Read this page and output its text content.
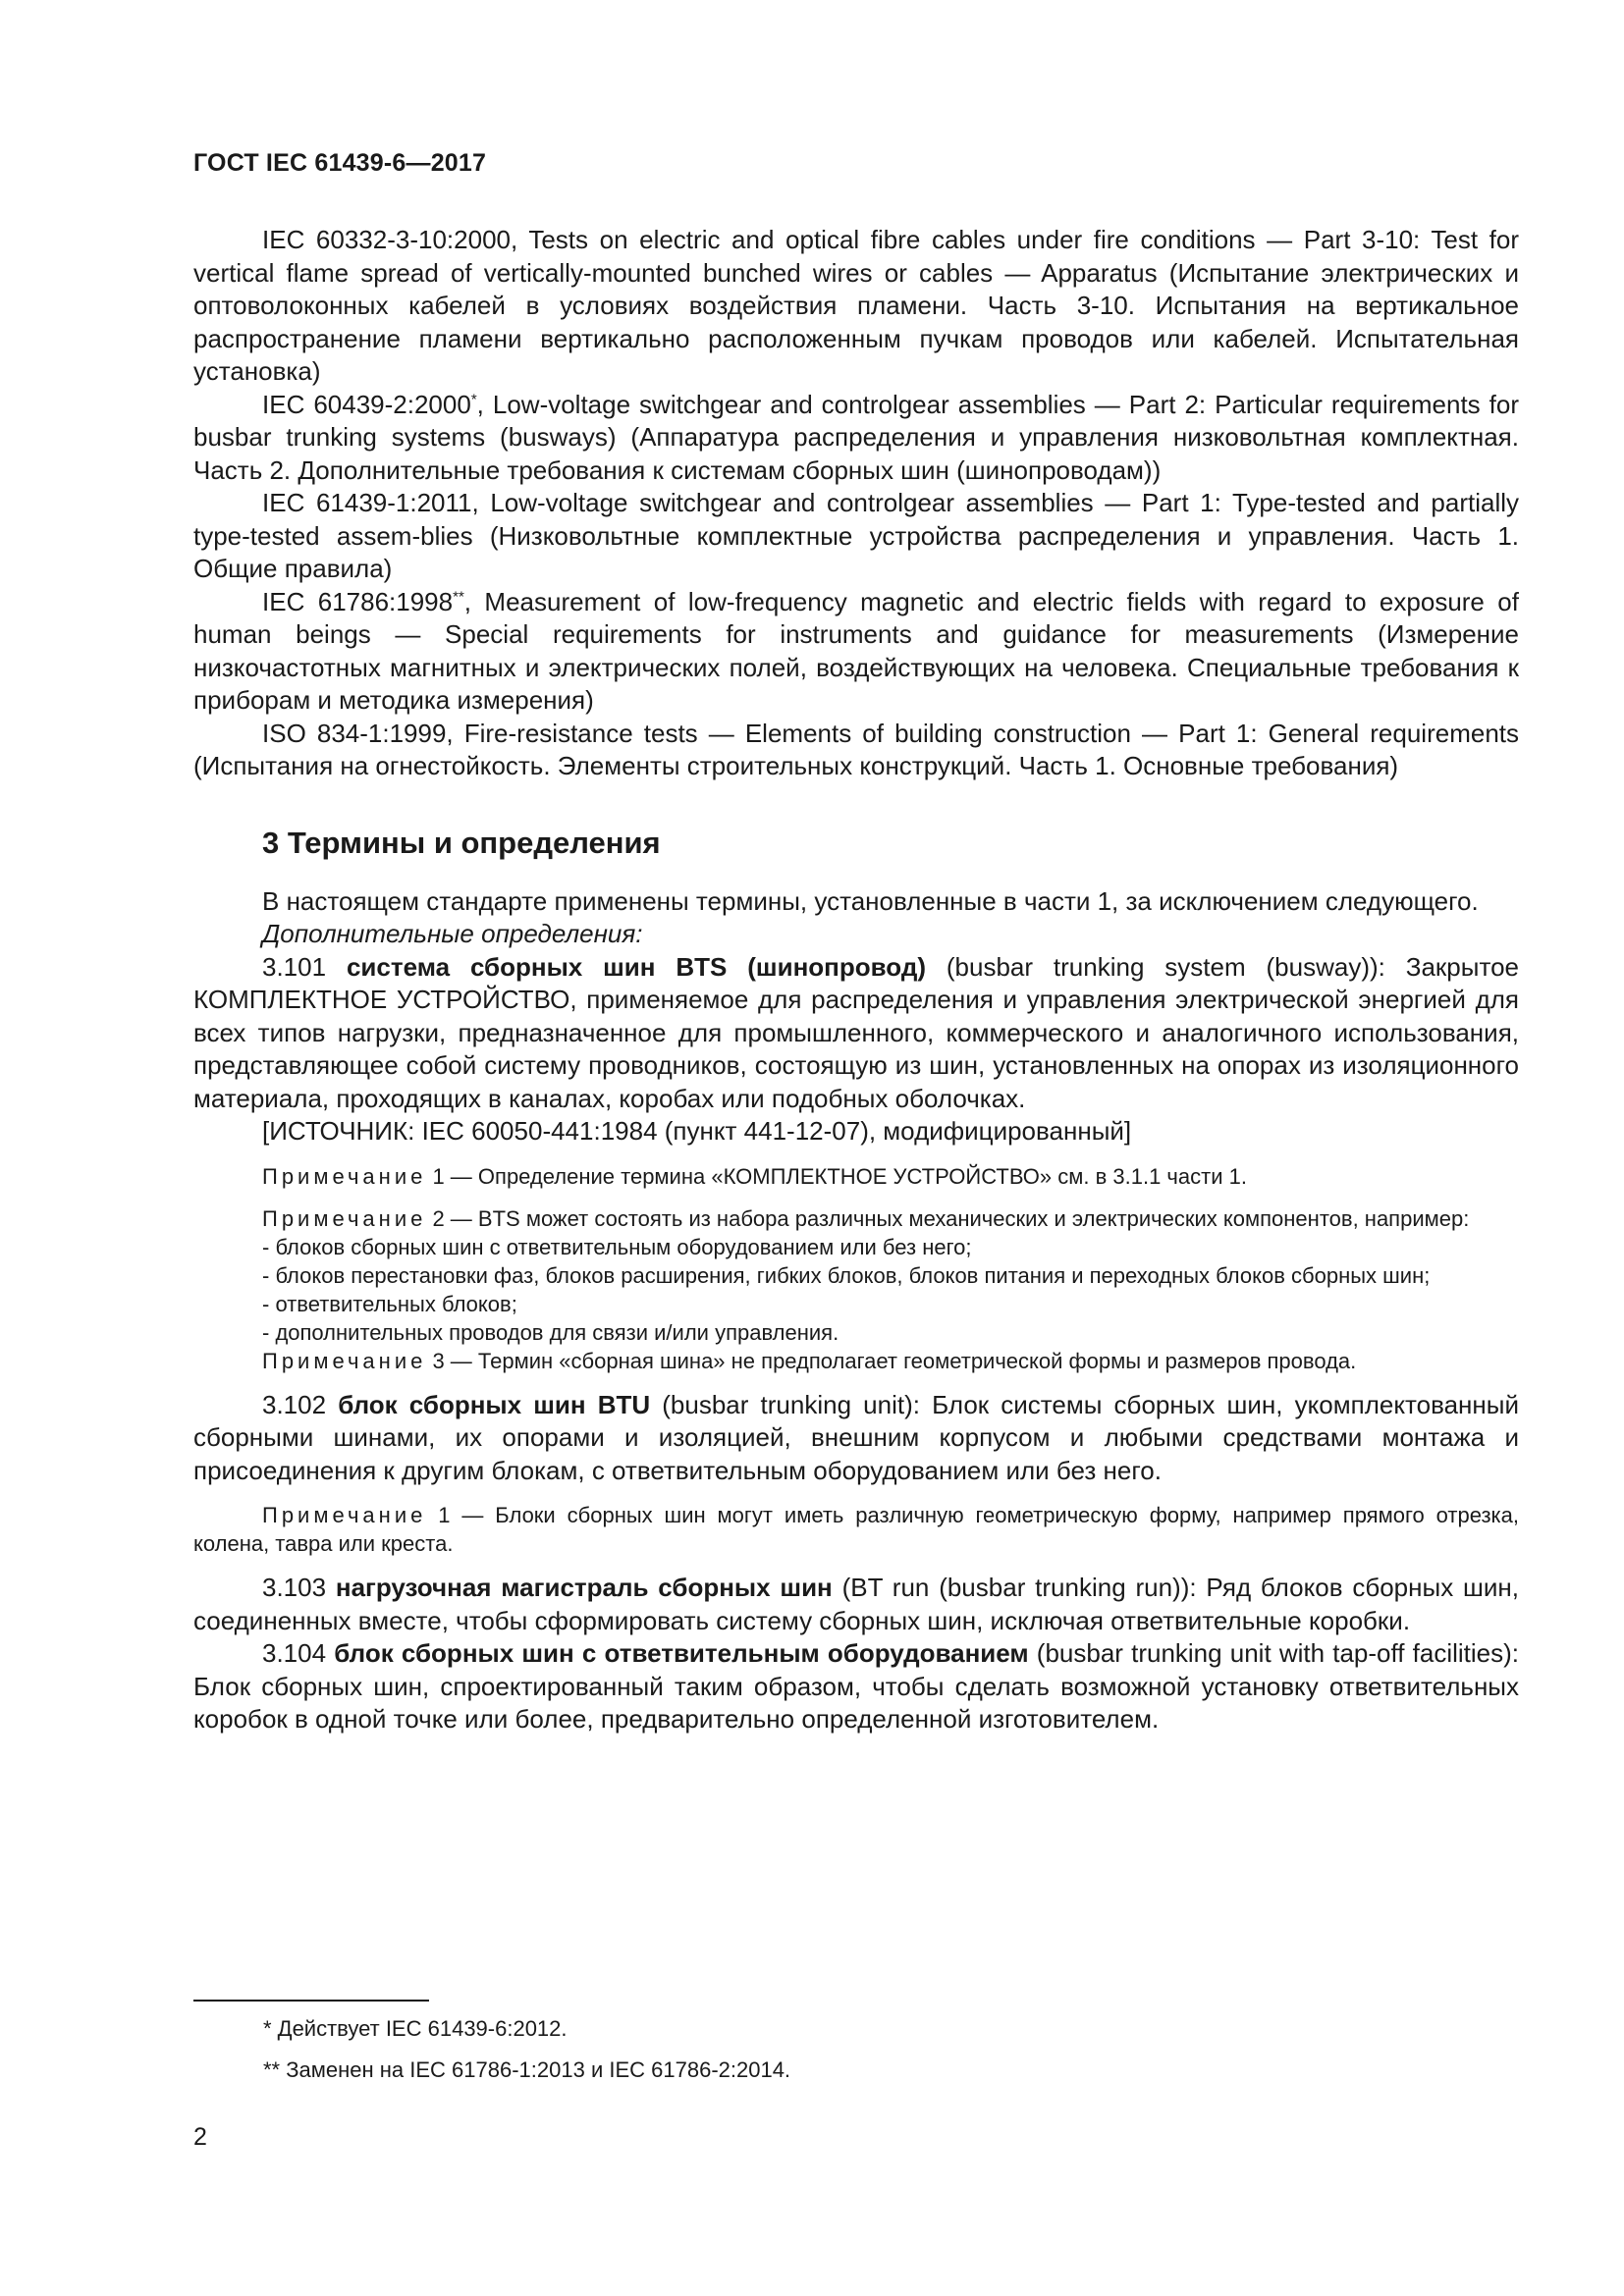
ГОСТ IEC 61439-6—2017

IEC 60332-3-10:2000, Tests on electric and optical fibre cables under fire conditions — Part 3-10: Test for vertical flame spread of vertically-mounted bunched wires or cables — Apparatus (Испытание электрических и оптоволоконных кабелей в условиях воздействия пламени. Часть 3-10. Испытания на вертикальное распространение пламени вертикально расположенным пучкам проводов или кабелей. Испытательная установка)

IEC 60439-2:2000*, Low-voltage switchgear and controlgear assemblies — Part 2: Particular requirements for busbar trunking systems (busways) (Аппаратура распределения и управления низковольтная комплектная. Часть 2. Дополнительные требования к системам сборных шин (шинопроводам))

IEC 61439-1:2011, Low-voltage switchgear and controlgear assemblies — Part 1: Type-tested and partially type-tested assem-blies (Низковольтные комплектные устройства распределения и управления. Часть 1. Общие правила)

IEC 61786:1998**, Measurement of low-frequency magnetic and electric fields with regard to exposure of human beings — Special requirements for instruments and guidance for measurements (Измерение низкочастотных магнитных и электрических полей, воздействующих на человека. Специальные требования к приборам и методика измерения)

ISO 834-1:1999, Fire-resistance tests — Elements of building construction — Part 1: General requirements (Испытания на огнестойкость. Элементы строительных конструкций. Часть 1. Основные требования)

3 Термины и определения

В настоящем стандарте применены термины, установленные в части 1, за исключением следующего.

Дополнительные определения:

3.101 система сборных шин BTS (шинопровод) (busbar trunking system (busway)): Закрытое КОМПЛЕКТНОЕ УСТРОЙСТВО, применяемое для распределения и управления электрической энергией для всех типов нагрузки, предназначенное для промышленного, коммерческого и аналогичного использования, представляющее собой систему проводников, состоящую из шин, установленных на опорах из изоляционного материала, проходящих в каналах, коробах или подобных оболочках.

[ИСТОЧНИК: IEC 60050-441:1984 (пункт 441-12-07), модифицированный]

Примечание 1 — Определение термина «КОМПЛЕКТНОЕ УСТРОЙСТВО» см. в 3.1.1 части 1.

Примечание 2 — BTS может состоять из набора различных механических и электрических компонентов, например:

- блоков сборных шин с ответвительным оборудованием или без него;

- блоков перестановки фаз, блоков расширения, гибких блоков, блоков питания и переходных блоков сборных шин;

- ответвительных блоков;

- дополнительных проводов для связи и/или управления.

Примечание 3 — Термин «сборная шина» не предполагает геометрической формы и размеров провода.

3.102 блок сборных шин BTU (busbar trunking unit): Блок системы сборных шин, укомплектованный сборными шинами, их опорами и изоляцией, внешним корпусом и любыми средствами монтажа и присоединения к другим блокам, с ответвительным оборудованием или без него.

Примечание 1 — Блоки сборных шин могут иметь различную геометрическую форму, например прямого отрезка, колена, тавра или креста.

3.103 нагрузочная магистраль сборных шин (BT run (busbar trunking run)): Ряд блоков сборных шин, соединенных вместе, чтобы сформировать систему сборных шин, исключая ответвительные коробки.

3.104 блок сборных шин с ответвительным оборудованием (busbar trunking unit with tap-off facilities): Блок сборных шин, спроектированный таким образом, чтобы сделать возможной установку ответвительных коробок в одной точке или более, предварительно определенной изготовителем.

* Действует IEC 61439-6:2012.

** Заменен на IEC 61786-1:2013 и IEC 61786-2:2014.

2
